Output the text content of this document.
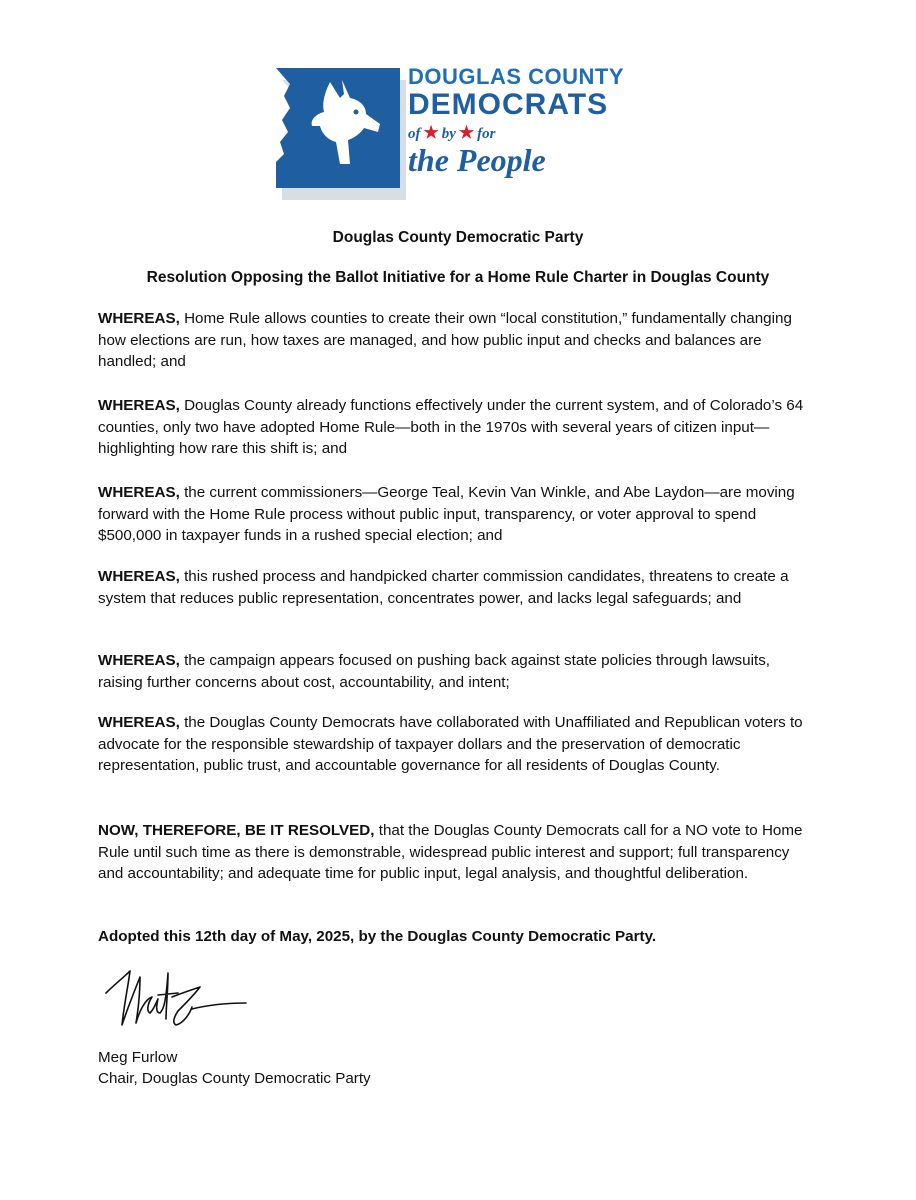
DOUGLAS COUNTY
DEMOCRATS
of ★ by ★ for
the People
Douglas County Democratic Party
Resolution Opposing the Ballot Initiative for a Home Rule Charter in Douglas County

WHEREAS, Home Rule allows counties to create their own “local constitution,” fundamentally changing how elections are run, how taxes are managed, and how public input and checks and balances are handled; and

WHEREAS, Douglas County already functions effectively under the current system, and of Colorado’s 64 counties, only two have adopted Home Rule—both in the 1970s with several years of citizen input—highlighting how rare this shift is; and

WHEREAS, the current commissioners—George Teal, Kevin Van Winkle, and Abe Laydon—are moving forward with the Home Rule process without public input, transparency, or voter approval to spend $500,000 in taxpayer funds in a rushed special election; and

WHEREAS, this rushed process and handpicked charter commission candidates, threatens to create a system that reduces public representation, concentrates power, and lacks legal safeguards; and

WHEREAS, the campaign appears focused on pushing back against state policies through lawsuits, raising further concerns about cost, accountability, and intent;

WHEREAS, the Douglas County Democrats have collaborated with Unaffiliated and Republican voters to advocate for the responsible stewardship of taxpayer dollars and the preservation of democratic representation, public trust, and accountable governance for all residents of Douglas County.

NOW, THEREFORE, BE IT RESOLVED, that the Douglas County Democrats call for a NO vote to Home Rule until such time as there is demonstrable, widespread public interest and support; full transparency and accountability; and adequate time for public input, legal analysis, and thoughtful deliberation.

Adopted this 12th day of May, 2025, by the Douglas County Democratic Party.
Meg Furlow
Chair, Douglas County Democratic Party
